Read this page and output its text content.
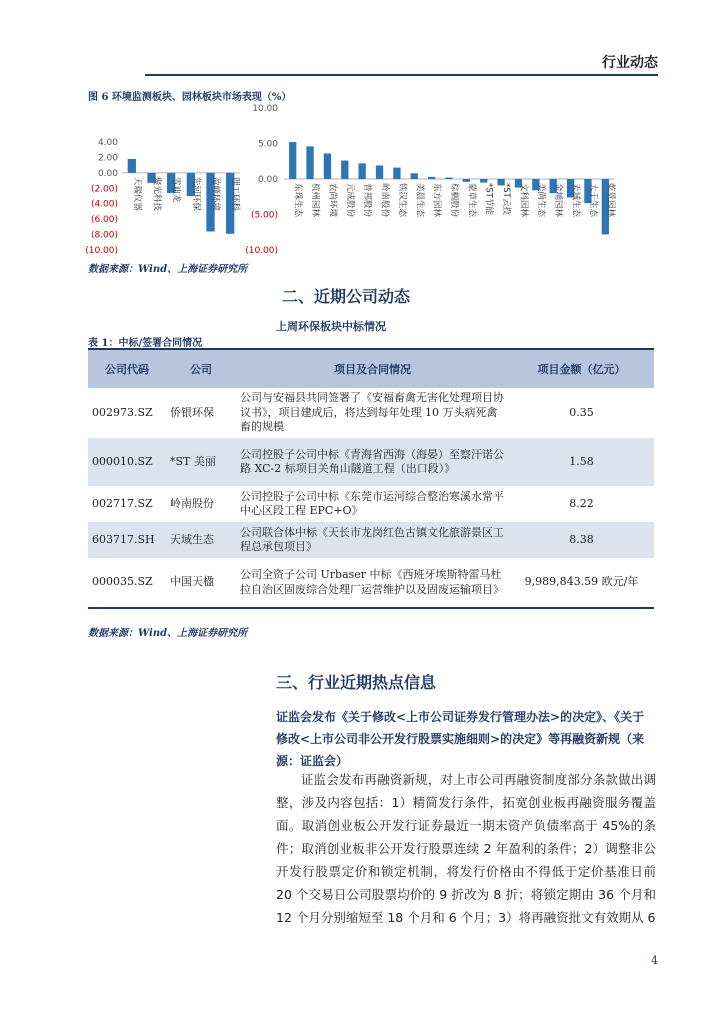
行业动态
图 6 环境监测板块、园林板块市场表现（%）
4.00
2.00
0.00
(2.00)
(4.00)
(6.00)
(8.00)
(10.00)
天瑞仪器 聚光科技 雪迪龙 先河环保 盈峰环境 理工环科
10.00
5.00
0.00
(5.00)
(10.00)
东珠生态 杭州园林 农尚环境 元成股份 普邦股份 岭南股份 铁汉生态 美晨生态 东方园林 棕榈股份 蒙草生态 *ST节能 *ST云投 文科园林 美尚生态 金埔园林 天域生态 大千生态 乾景园林
数据来源：Wind、上海证券研究所
二、近期公司动态
上周环保板块中标情况
表 1：中标/签署合同情况
公司代码	公司	项目及合同情况	项目金额（亿元）
002973.SZ	侨银环保	公司与安福县共同签署了《安福畜禽无害化处理项目协议书》，项目建成后，将达到每年处理 10 万头病死禽畜的规模	0.35
000010.SZ	*ST 美丽	公司控股子公司中标《青海省西海（海晏）至察汗诺公路 XC-2 标项目关角山隧道工程（出口段）》	1.58
002717.SZ	岭南股份	公司控股子公司中标《东莞市运河综合整治寒溪水常平中心区段工程 EPC+O》	8.22
603717.SH	天域生态	公司联合体中标《天长市龙岗红色古镇文化旅游景区工程总承包项目》	8.38
000035.SZ	中国天楹	公司全资子公司 Urbaser 中标《西班牙埃斯特雷马杜拉自治区固废综合处理厂运营维护以及固废运输项目》	9,989,843.59 欧元/年
数据来源：Wind、上海证券研究所
三、行业近期热点信息
证监会发布《关于修改<上市公司证券发行管理办法>的决定》、《关于修改<上市公司非公开发行股票实施细则>的决定》等再融资新规（来源：证监会）
证监会发布再融资新规，对上市公司再融资制度部分条款做出调整，涉及内容包括：1）精简发行条件，拓宽创业板再融资服务覆盖面。取消创业板公开发行证券最近一期末资产负债率高于 45%的条件；取消创业板非公开发行股票连续 2 年盈利的条件；2）调整非公开发行股票定价和锁定机制，将发行价格由不得低于定价基准日前 20 个交易日公司股票均价的 9 折改为 8 折；将锁定期由 36 个月和 12 个月分别缩短至 18 个月和 6 个月；3）将再融资批文有效期从 6
4
